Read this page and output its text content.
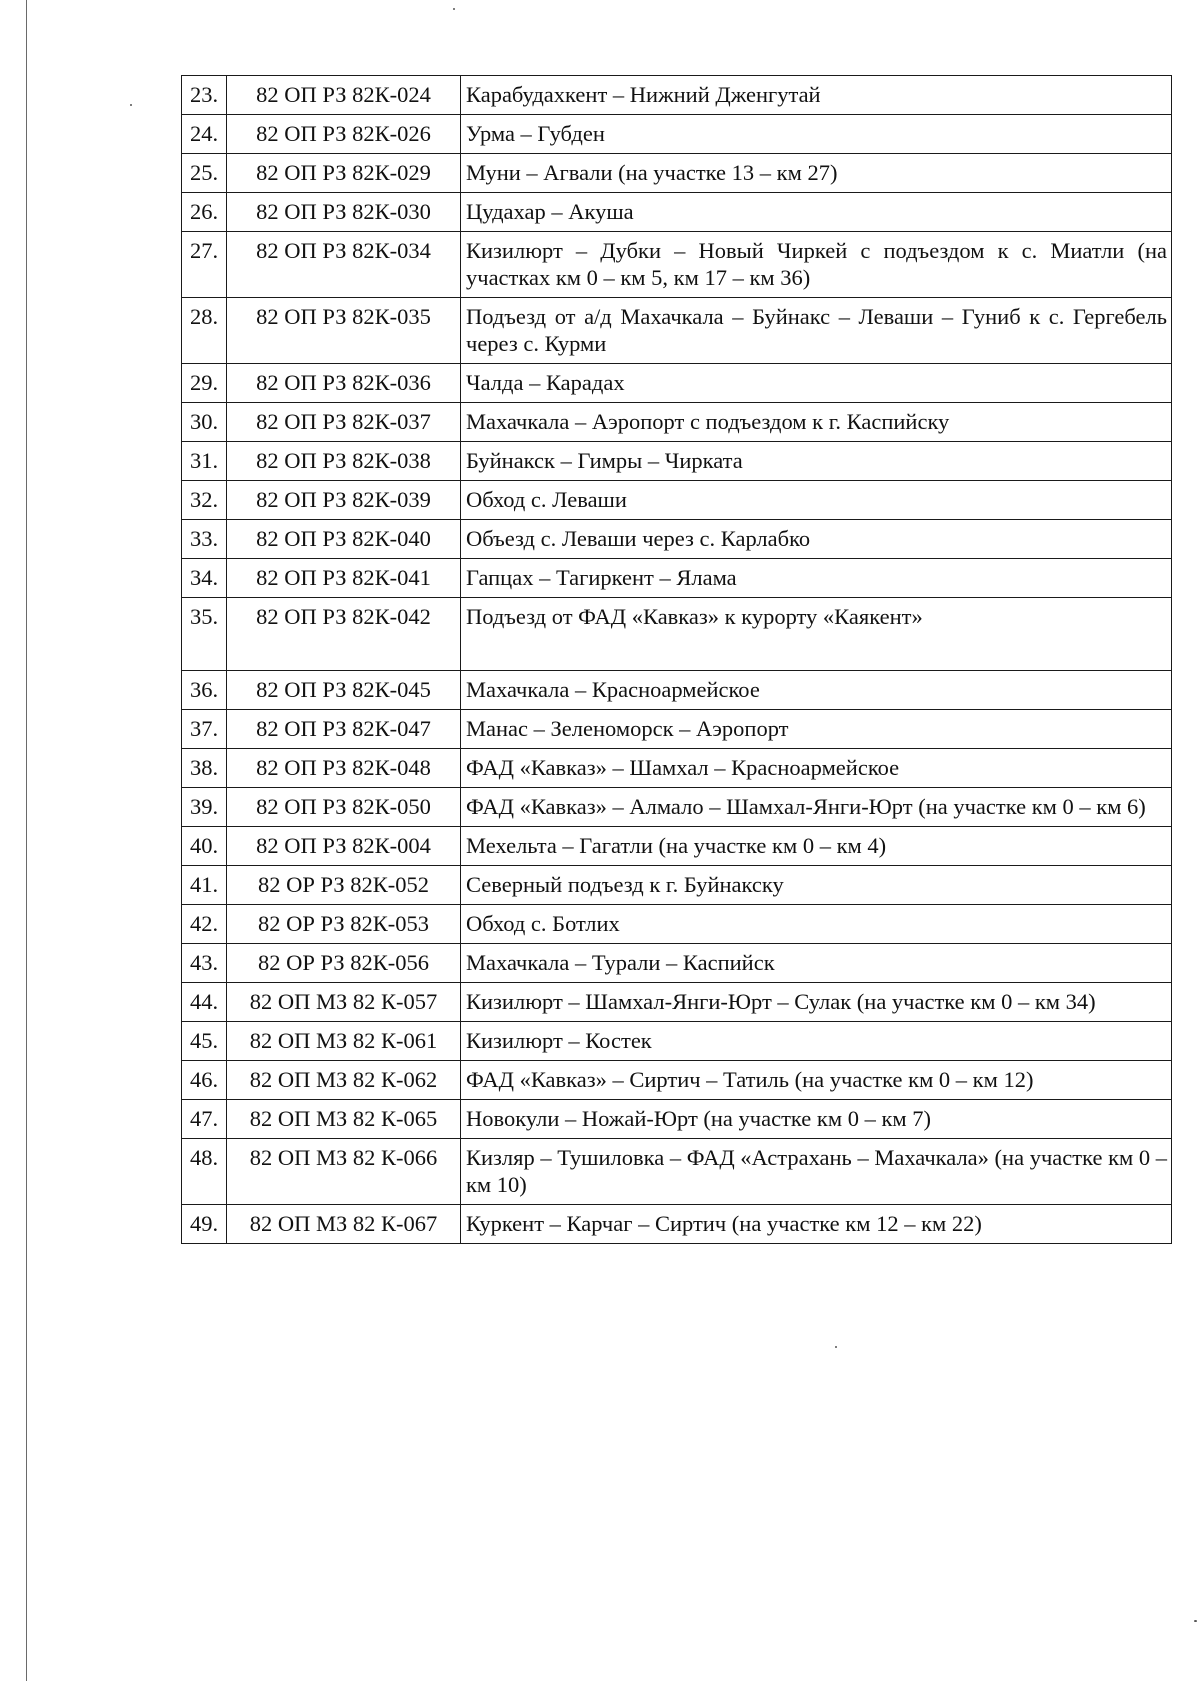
23.	82 ОП РЗ 82К-024	Карабудахкент – Нижний Дженгутай
24.	82 ОП РЗ 82К-026	Урма – Губден
25.	82 ОП РЗ 82К-029	Муни – Агвали (на участке 13 – км 27)
26.	82 ОП РЗ 82К-030	Цудахар – Акуша
27.	82 ОП РЗ 82К-034	Кизилюрт – Дубки – Новый Чиркей с подъездом к с. Миатли (на участках км 0 – км 5, км 17 – км 36)
28.	82 ОП РЗ 82К-035	Подъезд от а/д Махачкала – Буйнакс – Леваши – Гуниб к с. Гергебель через с. Курми
29.	82 ОП РЗ 82К-036	Чалда – Карадах
30.	82 ОП РЗ 82К-037	Махачкала – Аэропорт с подъездом к г. Каспийску
31.	82 ОП РЗ 82К-038	Буйнакск – Гимры – Чирката
32.	82 ОП РЗ 82К-039	Обход с. Леваши
33.	82 ОП РЗ 82К-040	Объезд с. Леваши через с. Карлабко
34.	82 ОП РЗ 82К-041	Гапцах – Тагиркент – Ялама
35.	82 ОП РЗ 82К-042	Подъезд от ФАД «Кавказ» к курорту «Каякент»
36.	82 ОП РЗ 82К-045	Махачкала – Красноармейское
37.	82 ОП РЗ 82К-047	Манас – Зеленоморск – Аэропорт
38.	82 ОП РЗ 82К-048	ФАД «Кавказ» – Шамхал – Красноармейское
39.	82 ОП РЗ 82К-050	ФАД «Кавказ» – Алмало – Шамхал-Янги-Юрт (на участке км 0 – км 6)
40.	82 ОП РЗ 82К-004	Мехельта – Гагатли (на участке км 0 – км 4)
41.	82 ОР РЗ 82К-052	Северный подъезд к г. Буйнакску
42.	82 ОР РЗ 82К-053	Обход с. Ботлих
43.	82 ОР РЗ 82К-056	Махачкала – Турали – Каспийск
44.	82 ОП МЗ 82 К-057	Кизилюрт – Шамхал-Янги-Юрт – Сулак (на участке км 0 – км 34)
45.	82 ОП МЗ 82 К-061	Кизилюрт – Костек
46.	82 ОП МЗ 82 К-062	ФАД «Кавказ» – Сиртич – Татиль (на участке км 0 – км 12)
47.	82 ОП МЗ 82 К-065	Новокули – Ножай-Юрт (на участке км 0 – км 7)
48.	82 ОП МЗ 82 К-066	Кизляр – Тушиловка – ФАД «Астрахань – Махачкала» (на участке км 0 – км 10)
49.	82 ОП МЗ 82 К-067	Куркент – Карчаг – Сиртич (на участке км 12 – км 22)
